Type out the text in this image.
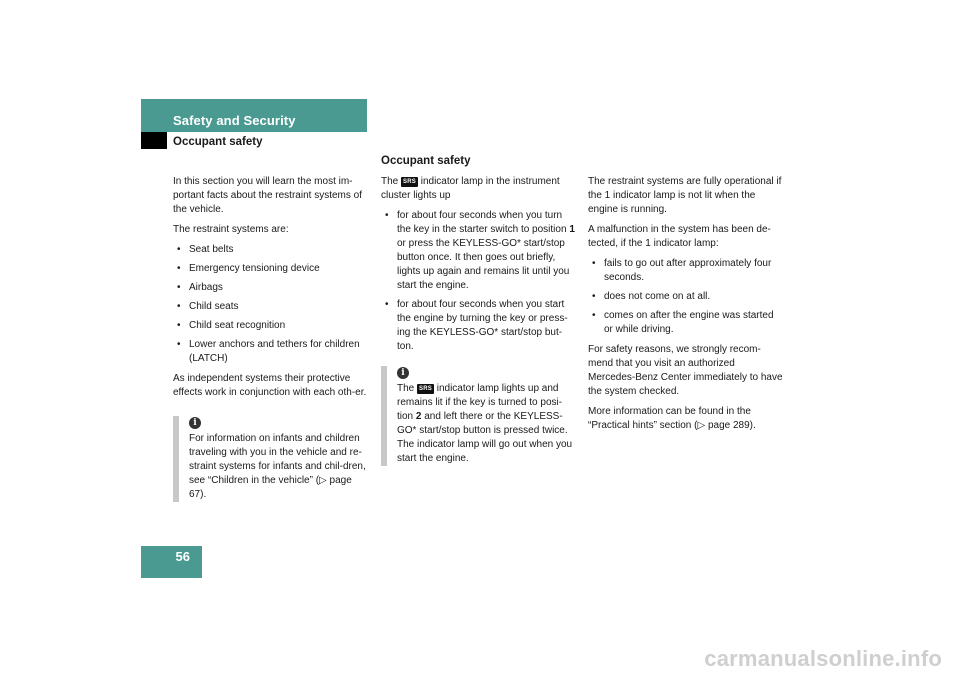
Safety and Security
Occupant safety

In this section you will learn the most im-portant facts about the restraint systems of the vehicle.

The restraint systems are:

• Seat belts
• Emergency tensioning device
• Airbags
• Child seats
• Child seat recognition
• Lower anchors and tethers for children (LATCH)

As independent systems their protective effects work in conjunction with each oth-er.

i
For information on infants and children traveling with you in the vehicle and re-straint systems for infants and chil-dren, see “Children in the vehicle” (▷ page 67).
Occupant safety

The SRS indicator lamp in the instrument cluster lights up

• for about four seconds when you turn the key in the starter switch to position 1 or press the KEYLESS-GO* start/stop button once. It then goes out briefly, lights up again and remains lit until you start the engine.
• for about four seconds when you start the engine by turning the key or press-ing the KEYLESS-GO* start/stop but-ton.
i
The SRS indicator lamp lights up and remains lit if the key is turned to posi-tion 2 and left there or the KEYLESS-GO* start/stop button is pressed twice. The indicator lamp will go out when you start the engine.

The restraint systems are fully operational if the 1 indicator lamp is not lit when the engine is running.

A malfunction in the system has been de-tected, if the 1 indicator lamp:

• fails to go out after approximately four seconds.
• does not come on at all.
• comes on after the engine was started or while driving.

For safety reasons, we strongly recom-mend that you visit an authorized Mercedes-Benz Center immediately to have the system checked.

More information can be found in the “Practical hints” section (▷ page 289).

56
carmanualsonline.info
